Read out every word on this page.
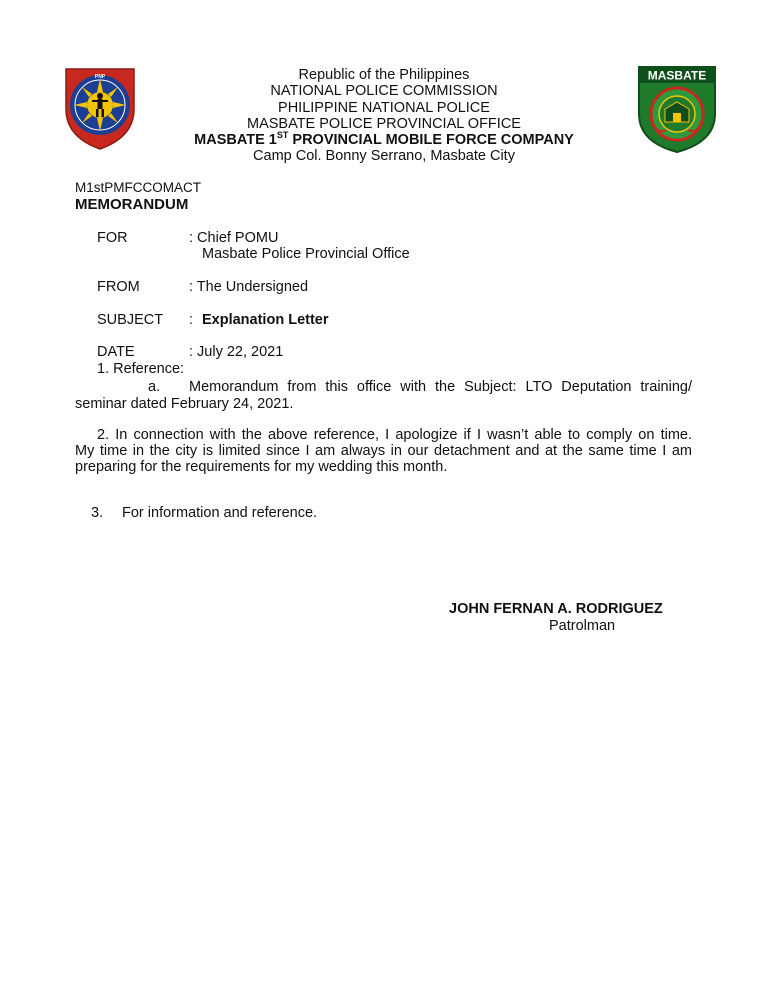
PNP	MASBATE
Republic of the Philippines
NATIONAL POLICE COMMISSION
PHILIPPINE NATIONAL POLICE
MASBATE POLICE PROVINCIAL OFFICE
MASBATE 1ST PROVINCIAL MOBILE FORCE COMPANY
Camp Col. Bonny Serrano, Masbate City
M1stPMFCCOMACT
MEMORANDUM
FOR	: Chief POMU
Masbate Police Provincial Office
FROM	: The Undersigned
SUBJECT : Explanation Letter
DATE	: July 22, 2021
1. Reference:
a. Memorandum from this office with the Subject: LTO Deputation training/
seminar dated February 24, 2021.
2. In connection with the above reference, I apologize if I wasn’t able to comply on time.
My time in the city is limited since I am always in our detachment and at the same time I am
preparing for the requirements for my wedding this month.
3. For information and reference.
JOHN FERNAN A. RODRIGUEZ
Patrolman
